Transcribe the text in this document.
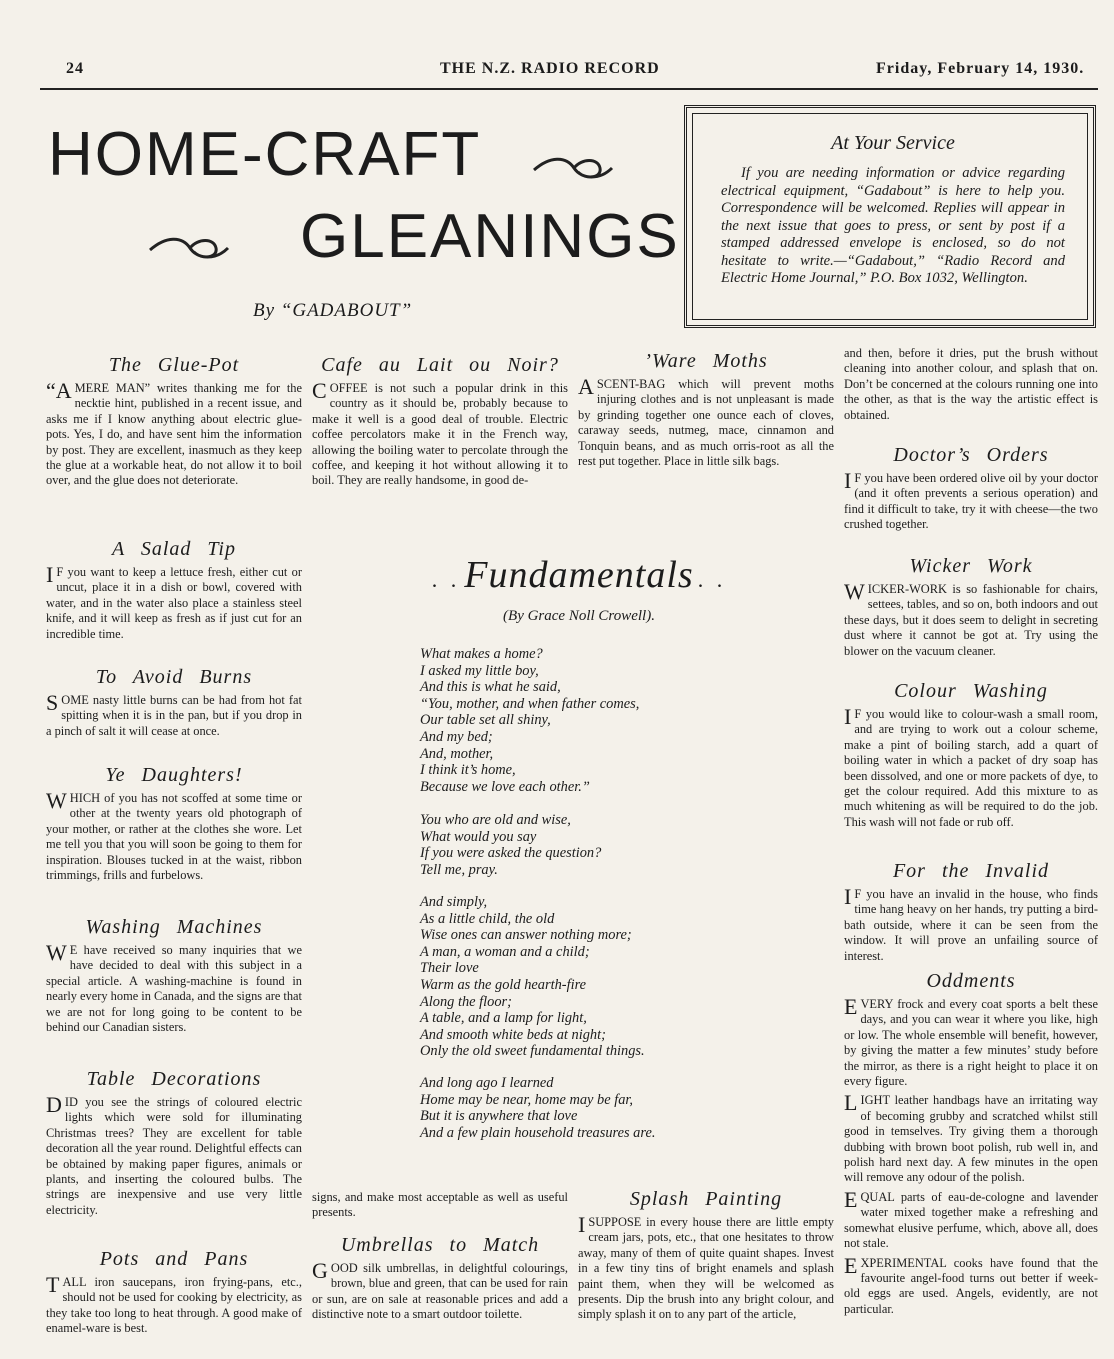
24	THE N.Z. RADIO RECORD	Friday, February 14, 1930.
HOME-CRAFT
GLEANINGS
By “GADABOUT”
At Your Service

If you are needing information or advice regarding electrical equipment, “Gadabout” is here to help you. Correspondence will be welcomed. Replies will appear in the next issue that goes to press, or sent by post if a stamped addressed envelope is enclosed, so do not hesitate to write.—“Gadabout,” “Radio Record and Electric Home Journal,” P.O. Box 1032, Wellington.

The Glue-Pot

“AMERE MAN” writes thanking me for the necktie hint, published in a recent issue, and asks me if I know anything about electric glue-pots. Yes, I do, and have sent him the information by post. They are excellent, inasmuch as they keep the glue at a workable heat, do not allow it to boil over, and the glue does not deteriorate.

A Salad Tip

I F you want to keep a lettuce fresh, either cut or uncut, place it in a dish or bowl, covered with water, and in the water also place a stainless steel knife, and it will keep as fresh as if just cut for an incredible time.

To Avoid Burns

SOME nasty little burns can be had from hot fat spitting when it is in the pan, but if you drop in a pinch of salt it will cease at once.

Ye Daughters!

WHICH of you has not scoffed at some time or other at the twenty years old photograph of your mother, or rather at the clothes she wore. Let me tell you that you will soon be going to them for inspiration. Blouses tucked in at the waist, ribbon trimmings, frills and furbelows.

Washing Machines

W E have received so many inquiries that we have decided to deal with this subject in a special article. A washing-machine is found in nearly every home in Canada, and the signs are that we are not for long going to be content to be behind our Canadian sisters.

Table Decorations

DID you see the strings of coloured electric lights which were sold for illuminating Christmas trees? They are excellent for table decoration all the year round. Delightful effects can be obtained by making paper figures, animals or plants, and inserting the coloured bulbs. The strings are inexpensive and use very little electricity.

Pots and Pans

TALL iron saucepans, iron frying-pans, etc., should not be used for cooking by electricity, as they take too long to heat through. A good make of enamel-ware is best.

Cafe au Lait ou Noir?

COFFEE is not such a popular drink in this country as it should be, probably because to make it well is a good deal of trouble. Electric coffee percolators make it in the French way, allowing the boiling water to percolate through the coffee, and keeping it hot without allowing it to boil. They are really handsome, in good de-

’Ware Moths

ASCENT-BAG which will prevent moths injuring clothes and is not unpleasant is made by grinding together one ounce each of cloves, caraway seeds, nutmeg, mace, cinnamon and Tonquin beans, and as much orris-root as all the rest put together. Place in little silk bags.

. . Fundamentals . .
(By Grace Noll Crowell).
What makes a home?
I asked my little boy,
And this is what he said,
“You, mother, and when father comes,
Our table set all shiny,
And my bed;
And, mother,
I think it’s home,
Because we love each other.”
You who are old and wise,
What would you say
If you were asked the question?
Tell me, pray.
And simply,
As a little child, the old
Wise ones can answer nothing more;
A man, a woman and a child;
Their love
Warm as the gold hearth-fire
Along the floor;
A table, and a lamp for light,
And smooth white beds at night;
Only the old sweet fundamental things.
And long ago I learned
Home may be near, home may be far,
But it is anywhere that love
And a few plain household treasures are.

signs, and make most acceptable as well as useful presents.

Umbrellas to Match

GOOD silk umbrellas, in delightful colourings, brown, blue and green, that can be used for rain or sun, are on sale at reasonable prices and add a distinctive note to a smart outdoor toilette.

Splash Painting

ISUPPOSE in every house there are little empty cream jars, pots, etc., that one hesitates to throw away, many of them of quite quaint shapes. Invest in a few tiny tins of bright enamels and splash paint them, when they will be welcomed as presents. Dip the brush into any bright colour, and simply splash it on to any part of the article,

and then, before it dries, put the brush without cleaning into another colour, and splash that on. Don’t be concerned at the colours running one into the other, as that is the way the artistic effect is obtained.

Doctor’s Orders

I F you have been ordered olive oil by your doctor (and it often prevents a serious operation) and find it difficult to take, try it with cheese—the two crushed together.

Wicker Work

WICKER-WORK is so fashionable for chairs, settees, tables, and so on, both indoors and out these days, but it does seem to delight in secreting dust where it cannot be got at. Try using the blower on the vacuum cleaner.

Colour Washing

I F you would like to colour-wash a small room, and are trying to work out a colour scheme, make a pint of boiling starch, add a quart of boiling water in which a packet of dry soap has been dissolved, and one or more packets of dye, to get the colour required. Add this mixture to as much whitening as will be required to do the job. This wash will not fade or rub off.

For the Invalid

I F you have an invalid in the house, who finds time hang heavy on her hands, try putting a bird-bath outside, where it can be seen from the window. It will prove an unfailing source of interest.

Oddments

EVERY frock and every coat sports a belt these days, and you can wear it where you like, high or low. The whole ensemble will benefit, however, by giving the matter a few minutes’ study before the mirror, as there is a right height to place it on every figure.

LIGHT leather handbags have an irritating way of becoming grubby and scratched whilst still good in temselves. Try giving them a thorough dubbing with brown boot polish, rub well in, and polish hard next day. A few minutes in the open will remove any odour of the polish.

EQUAL parts of eau-de-cologne and lavender water mixed together make a refreshing and somewhat elusive perfume, which, above all, does not stale.

EXPERIMENTAL cooks have found that the favourite angel-food turns out better if week-old eggs are used. Angels, evidently, are not particular.
